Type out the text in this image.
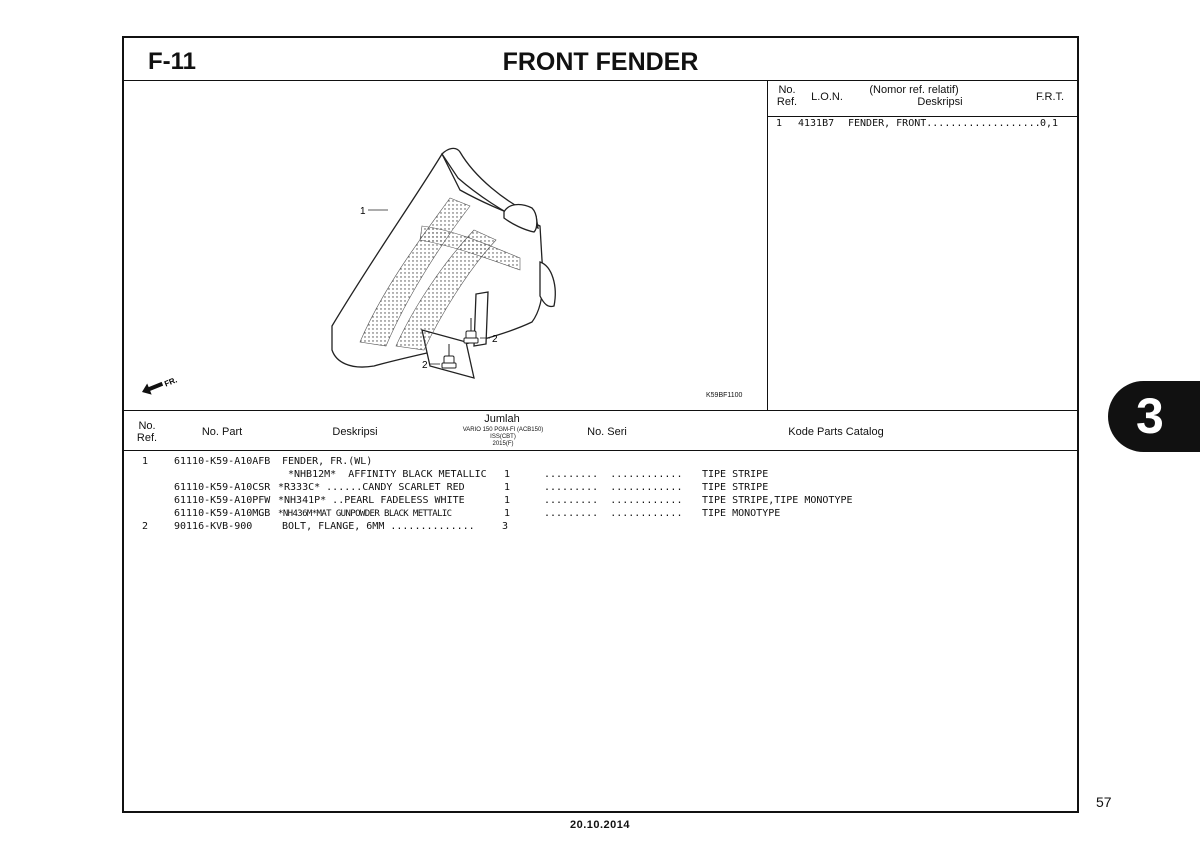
F-11	FRONT FENDER
1
2
2
FR.
K59BF1100
No.
Ref.	L.O.N.
(Nomor ref. relatif)
Deskripsi	F.R.T.
1 4131B7 FENDER, FRONT................... 0,1
No.
Ref.	No. Part	Deskripsi
Jumlah
VARIO 150 PGM-FI (ACB150)
ISS(CBT)
2015(F)
No. Seri	Kode Parts Catalog
1	61110-K59-A10AFB FENDER, FR.(WL)
*NHB12M*  AFFINITY BLACK METALLIC 1	.........  ............ TIPE STRIPE
61110-K59-A10CSR *R333C* ......CANDY SCARLET RED	1	.........  ............ TIPE STRIPE
61110-K59-A10PFW *NH341P* ..PEARL FADELESS WHITE	1	.........  ............ TIPE STRIPE,TIPE MONOTYPE
61110-K59-A10MGB *NH436M*MAT GUNPOWDER BLACK METTALIC	1	.........  ............ TIPE MONOTYPE
2	90116-KVB-900	BOLT, FLANGE, 6MM ..............	3
3
57
20.10.2014
